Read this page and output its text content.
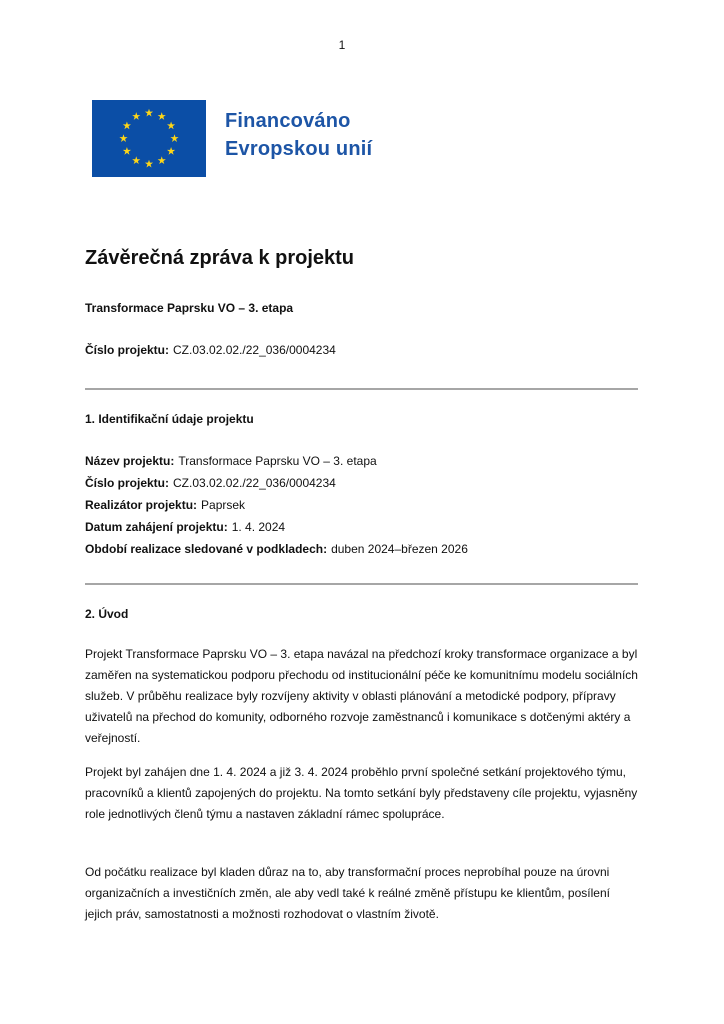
1
Financováno
Evropskou unií
Závěrečná zpráva k projektu
Transformace Paprsku VO – 3. etapa
Číslo projektu: CZ.03.02.02./22_036/0004234
1. Identifikační údaje projektu
Název projektu: Transformace Paprsku VO – 3. etapa
Číslo projektu: CZ.03.02.02./22_036/0004234
Realizátor projektu: Paprsek
Datum zahájení projektu: 1. 4. 2024
Období realizace sledované v podkladech: duben 2024–březen 2026
2. Úvod

Projekt Transformace Paprsku VO – 3. etapa navázal na předchozí kroky transformace organizace a byl zaměřen na systematickou podporu přechodu od institucionální péče ke komunitnímu modelu sociálních služeb. V průběhu realizace byly rozvíjeny aktivity v oblasti plánování a metodické podpory, přípravy uživatelů na přechod do komunity, odborného rozvoje zaměstnanců i komunikace s dotčenými aktéry a veřejností.

Projekt byl zahájen dne 1. 4. 2024 a již 3. 4. 2024 proběhlo první společné setkání projektového týmu, pracovníků a klientů zapojených do projektu. Na tomto setkání byly představeny cíle projektu, vyjasněny role jednotlivých členů týmu a nastaven základní rámec spolupráce.

Od počátku realizace byl kladen důraz na to, aby transformační proces neprobíhal pouze na úrovni organizačních a investičních změn, ale aby vedl také k reálné změně přístupu ke klientům, posílení jejich práv, samostatnosti a možnosti rozhodovat o vlastním životě.
